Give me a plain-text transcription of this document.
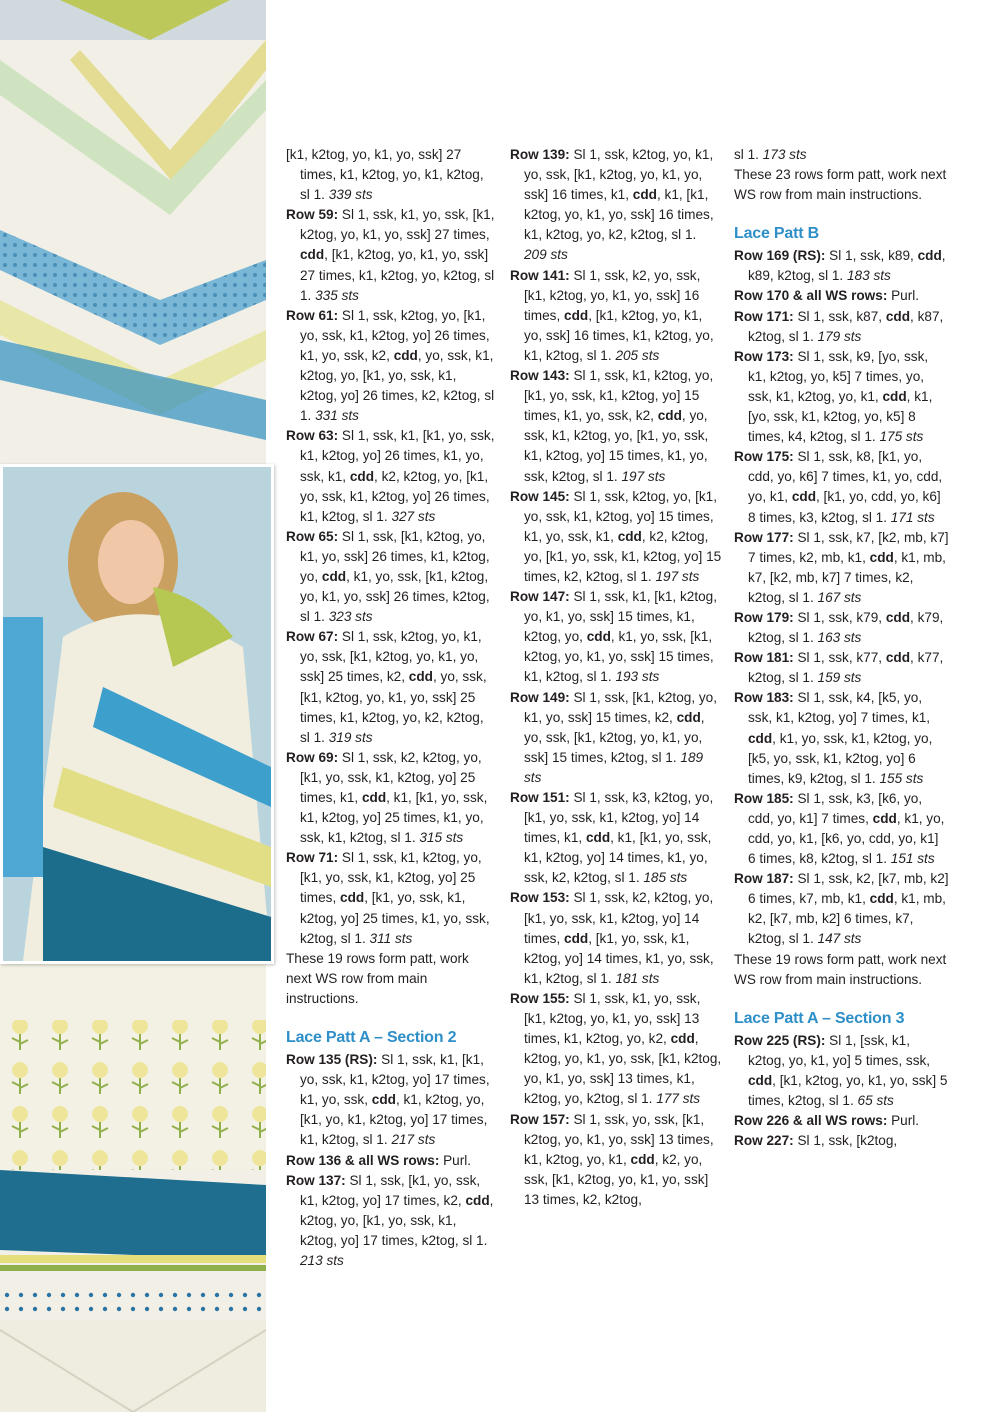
[k1, k2tog, yo, k1, yo, ssk] 27 times, k1, k2tog, yo, k1, k2tog, sl 1. 339 sts

Row 59: Sl 1, ssk, k1, yo, ssk, [k1, k2tog, yo, k1, yo, ssk] 27 times, cdd, [k1, k2tog, yo, k1, yo, ssk] 27 times, k1, k2tog, yo, k2tog, sl 1. 335 sts

Row 61: Sl 1, ssk, k2tog, yo, [k1, yo, ssk, k1, k2tog, yo] 26 times, k1, yo, ssk, k2, cdd, yo, ssk, k1, k2tog, yo, [k1, yo, ssk, k1, k2tog, yo] 26 times, k2, k2tog, sl 1. 331 sts

Row 63: Sl 1, ssk, k1, [k1, yo, ssk, k1, k2tog, yo] 26 times, k1, yo, ssk, k1, cdd, k2, k2tog, yo, [k1, yo, ssk, k1, k2tog, yo] 26 times, k1, k2tog, sl 1. 327 sts

Row 65: Sl 1, ssk, [k1, k2tog, yo, k1, yo, ssk] 26 times, k1, k2tog, yo, cdd, k1, yo, ssk, [k1, k2tog, yo, k1, yo, ssk] 26 times, k2tog, sl 1. 323 sts

Row 67: Sl 1, ssk, k2tog, yo, k1, yo, ssk, [k1, k2tog, yo, k1, yo, ssk] 25 times, k2, cdd, yo, ssk, [k1, k2tog, yo, k1, yo, ssk] 25 times, k1, k2tog, yo, k2, k2tog, sl 1. 319 sts

Row 69: Sl 1, ssk, k2, k2tog, yo, [k1, yo, ssk, k1, k2tog, yo] 25 times, k1, cdd, k1, [k1, yo, ssk, k1, k2tog, yo] 25 times, k1, yo, ssk, k1, k2tog, sl 1. 315 sts

Row 71: Sl 1, ssk, k1, k2tog, yo, [k1, yo, ssk, k1, k2tog, yo] 25 times, cdd, [k1, yo, ssk, k1, k2tog, yo] 25 times, k1, yo, ssk, k2tog, sl 1. 311 sts

These 19 rows form patt, work next WS row from main instructions.

Lace Patt A – Section 2

Row 135 (RS): Sl 1, ssk, k1, [k1, yo, ssk, k1, k2tog, yo] 17 times, k1, yo, ssk, cdd, k1, k2tog, yo, [k1, yo, k1, k2tog, yo] 17 times, k1, k2tog, sl 1. 217 sts

Row 136 & all WS rows: Purl.

Row 137: Sl 1, ssk, [k1, yo, ssk, k1, k2tog, yo] 17 times, k2, cdd, k2tog, yo, [k1, yo, ssk, k1, k2tog, yo] 17 times, k2tog, sl 1. 213 sts

Row 139: Sl 1, ssk, k2tog, yo, k1, yo, ssk, [k1, k2tog, yo, k1, yo, ssk] 16 times, k1, cdd, k1, [k1, k2tog, yo, k1, yo, ssk] 16 times, k1, k2tog, yo, k2, k2tog, sl 1. 209 sts

Row 141: Sl 1, ssk, k2, yo, ssk, [k1, k2tog, yo, k1, yo, ssk] 16 times, cdd, [k1, k2tog, yo, k1, yo, ssk] 16 times, k1, k2tog, yo, k1, k2tog, sl 1. 205 sts

Row 143: Sl 1, ssk, k1, k2tog, yo, [k1, yo, ssk, k1, k2tog, yo] 15 times, k1, yo, ssk, k2, cdd, yo, ssk, k1, k2tog, yo, [k1, yo, ssk, k1, k2tog, yo] 15 times, k1, yo, ssk, k2tog, sl 1. 197 sts

Row 145: Sl 1, ssk, k2tog, yo, [k1, yo, ssk, k1, k2tog, yo] 15 times, k1, yo, ssk, k1, cdd, k2, k2tog, yo, [k1, yo, ssk, k1, k2tog, yo] 15 times, k2, k2tog, sl 1. 197 sts

Row 147: Sl 1, ssk, k1, [k1, k2tog, yo, k1, yo, ssk] 15 times, k1, k2tog, yo, cdd, k1, yo, ssk, [k1, k2tog, yo, k1, yo, ssk] 15 times, k1, k2tog, sl 1. 193 sts

Row 149: Sl 1, ssk, [k1, k2tog, yo, k1, yo, ssk] 15 times, k2, cdd, yo, ssk, [k1, k2tog, yo, k1, yo, ssk] 15 times, k2tog, sl 1. 189 sts

Row 151: Sl 1, ssk, k3, k2tog, yo, [k1, yo, ssk, k1, k2tog, yo] 14 times, k1, cdd, k1, [k1, yo, ssk, k1, k2tog, yo] 14 times, k1, yo, ssk, k2, k2tog, sl 1. 185 sts

Row 153: Sl 1, ssk, k2, k2tog, yo, [k1, yo, ssk, k1, k2tog, yo] 14 times, cdd, [k1, yo, ssk, k1, k2tog, yo] 14 times, k1, yo, ssk, k1, k2tog, sl 1. 181 sts

Row 155: Sl 1, ssk, k1, yo, ssk, [k1, k2tog, yo, k1, yo, ssk] 13 times, k1, k2tog, yo, k2, cdd, k2tog, yo, k1, yo, ssk, [k1, k2tog, yo, k1, yo, ssk] 13 times, k1, k2tog, yo, k2tog, sl 1. 177 sts

Row 157: Sl 1, ssk, yo, ssk, [k1, k2tog, yo, k1, yo, ssk] 13 times, k1, k2tog, yo, k1, cdd, k2, yo, ssk, [k1, k2tog, yo, k1, yo, ssk] 13 times, k2, k2tog,

sl 1. 173 sts

These 23 rows form patt, work next WS row from main instructions.

Lace Patt B

Row 169 (RS): Sl 1, ssk, k89, cdd, k89, k2tog, sl 1. 183 sts

Row 170 & all WS rows: Purl.

Row 171: Sl 1, ssk, k87, cdd, k87, k2tog, sl 1. 179 sts

Row 173: Sl 1, ssk, k9, [yo, ssk, k1, k2tog, yo, k5] 7 times, yo, ssk, k1, k2tog, yo, k1, cdd, k1, [yo, ssk, k1, k2tog, yo, k5] 8 times, k4, k2tog, sl 1. 175 sts

Row 175: Sl 1, ssk, k8, [k1, yo, cdd, yo, k6] 7 times, k1, yo, cdd, yo, k1, cdd, [k1, yo, cdd, yo, k6] 8 times, k3, k2tog, sl 1. 171 sts

Row 177: Sl 1, ssk, k7, [k2, mb, k7] 7 times, k2, mb, k1, cdd, k1, mb, k7, [k2, mb, k7] 7 times, k2, k2tog, sl 1. 167 sts

Row 179: Sl 1, ssk, k79, cdd, k79, k2tog, sl 1. 163 sts

Row 181: Sl 1, ssk, k77, cdd, k77, k2tog, sl 1. 159 sts

Row 183: Sl 1, ssk, k4, [k5, yo, ssk, k1, k2tog, yo] 7 times, k1, cdd, k1, yo, ssk, k1, k2tog, yo, [k5, yo, ssk, k1, k2tog, yo] 6 times, k9, k2tog, sl 1. 155 sts

Row 185: Sl 1, ssk, k3, [k6, yo, cdd, yo, k1] 7 times, cdd, k1, yo, cdd, yo, k1, [k6, yo, cdd, yo, k1] 6 times, k8, k2tog, sl 1. 151 sts

Row 187: Sl 1, ssk, k2, [k7, mb, k2] 6 times, k7, mb, k1, cdd, k1, mb, k2, [k7, mb, k2] 6 times, k7, k2tog, sl 1. 147 sts

These 19 rows form patt, work next WS row from main instructions.

Lace Patt A – Section 3

Row 225 (RS): Sl 1, [ssk, k1, k2tog, yo, k1, yo] 5 times, ssk, cdd, [k1, k2tog, yo, k1, yo, ssk] 5 times, k2tog, sl 1. 65 sts

Row 226 & all WS rows: Purl.

Row 227: Sl 1, ssk, [k2tog,
